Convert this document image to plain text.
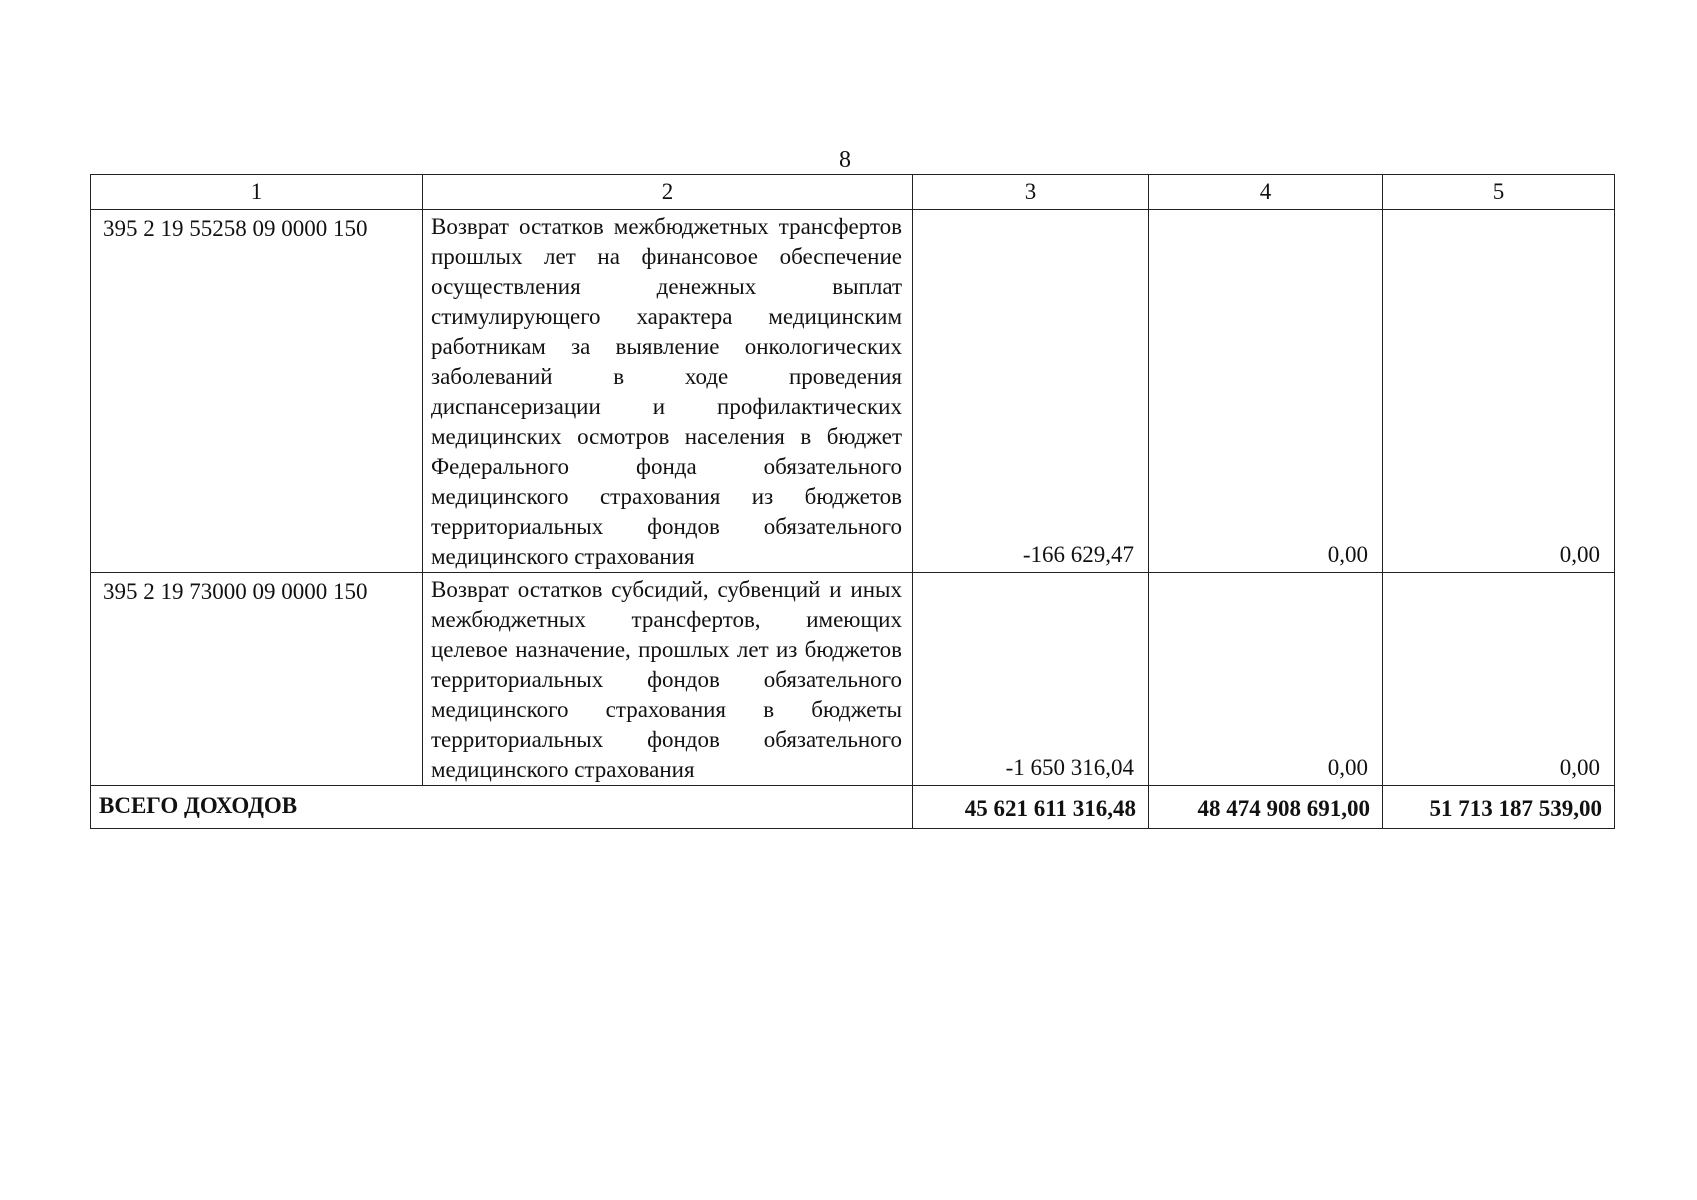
8
1	2	3	4	5
395 2 19 55258 09 0000 150	Возврат остатков межбюджетных трансфертов прошлых лет на финансовое обеспечение осуществления денежных выплат стимулирующего характера медицинским работникам за выявление онкологических заболеваний в ходе проведения диспансеризации и профилактических медицинских осмотров населения в бюджет Федерального фонда обязательного медицинского страхования из бюджетов территориальных фондов обязательного медицинского страхования	-166 629,47	0,00	0,00
395 2 19 73000 09 0000 150	Возврат остатков субсидий, субвенций и иных межбюджетных трансфертов, имеющих целевое назначение, прошлых лет из бюджетов территориальных фондов обязательного медицинского страхования в бюджеты территориальных фондов обязательного медицинского страхования	-1 650 316,04	0,00	0,00
ВСЕГО ДОХОДОВ		45 621 611 316,48	48 474 908 691,00	51 713 187 539,00
